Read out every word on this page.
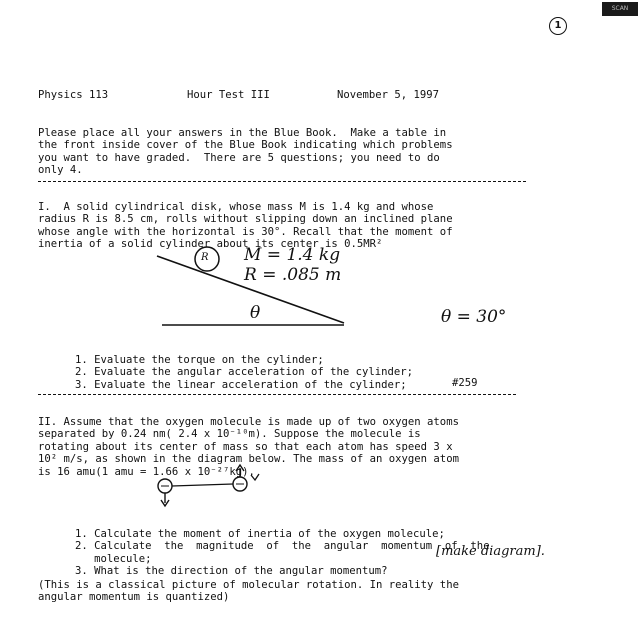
SCAN
1
Physics 113	Hour Test III	November 5, 1997

Please place all your answers in the Blue Book.  Make a table in
the front inside cover of the Blue Book indicating which problems
you want to have graded.  There are 5 questions; you need to do
only 4.

I.  A solid cylindrical disk, whose mass M is 1.4 kg and whose
radius R is 8.5 cm, rolls without slipping down an inclined plane
whose angle with the horizontal is 30°. Recall that the moment of
inertia of a solid cylinder about its center is 0.5MR²

R M = 1.4 kg
R = .085 m
θ	θ = 30°

1. Evaluate the torque on the cylinder;
2. Evaluate the angular acceleration of the cylinder;
3. Evaluate the linear acceleration of the cylinder;	#259

II. Assume that the oxygen molecule is made up of two oxygen atoms
separated by 0.24 nm( 2.4 x 10⁻¹⁰m). Suppose the molecule is
rotating about its center of mass so that each atom has speed 3 x
10² m/s, as shown in the diagram below. The mass of an oxygen atom
is 16 amu(1 amu = 1.66 x 10⁻²⁷kg).

1. Calculate the moment of inertia of the oxygen molecule;
2. Calculate  the  magnitude  of  the  angular  momentum  of  the
molecule;
3. What is the direction of the angular momentum?

[make diagram].

(This is a classical picture of molecular rotation. In reality the
angular momentum is quantized)
